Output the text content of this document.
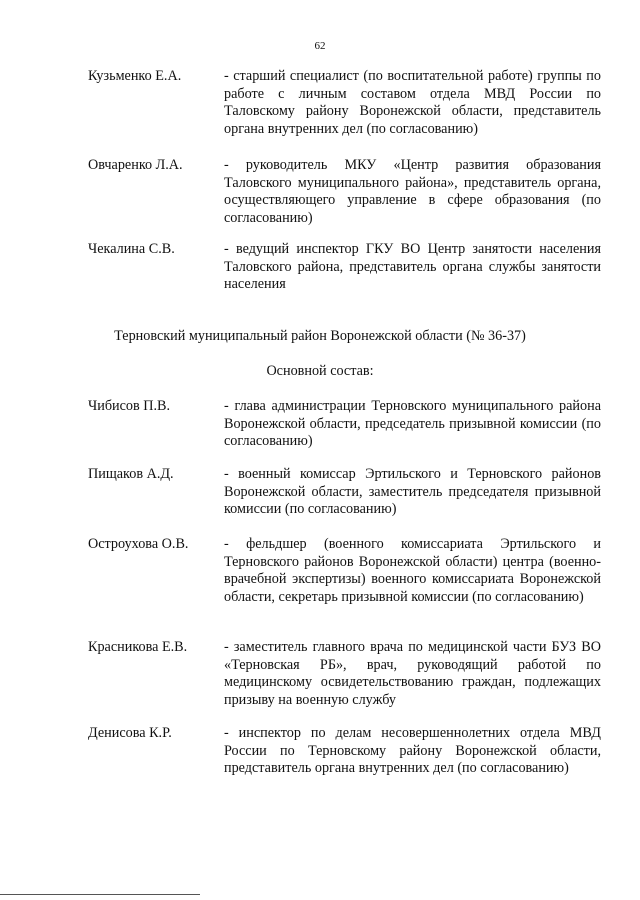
62
Кузьменко Е.А.	- старший специалист (по воспитательной работе) группы по работе с личным составом отдела МВД России по Таловскому району Воронежской области, представитель органа внутренних дел (по согласованию)
Овчаренко Л.А.	- руководитель МКУ «Центр развития образования Таловского муниципального района», представитель органа, осуществляющего управление в сфере образования (по согласованию)
Чекалина С.В.	- ведущий инспектор ГКУ ВО Центр занятости населения Таловского района, представитель органа службы занятости населения
Терновский муниципальный район Воронежской области (№ 36-37)
Основной состав:
Чибисов П.В.	- глава администрации Терновского муниципального района Воронежской области, председатель призывной комиссии (по согласованию)
Пищаков А.Д.	- военный комиссар Эртильского и Терновского районов Воронежской области, заместитель председателя призывной комиссии (по согласованию)
Остроухова О.В.	- фельдшер (военного комиссариата Эртильского и Терновского районов Воронежской области) центра (военно-врачебной экспертизы) военного комиссариата Воронежской области, секретарь призывной комиссии (по согласованию)
Красникова Е.В.	- заместитель главного врача по медицинской части БУЗ ВО «Терновская РБ», врач, руководящий работой по медицинскому освидетельствованию граждан, подлежащих призыву на военную службу
Денисова К.Р.	- инспектор по делам несовершеннолетних отдела МВД России по Терновскому району Воронежской области, представитель органа внутренних дел (по согласованию)
